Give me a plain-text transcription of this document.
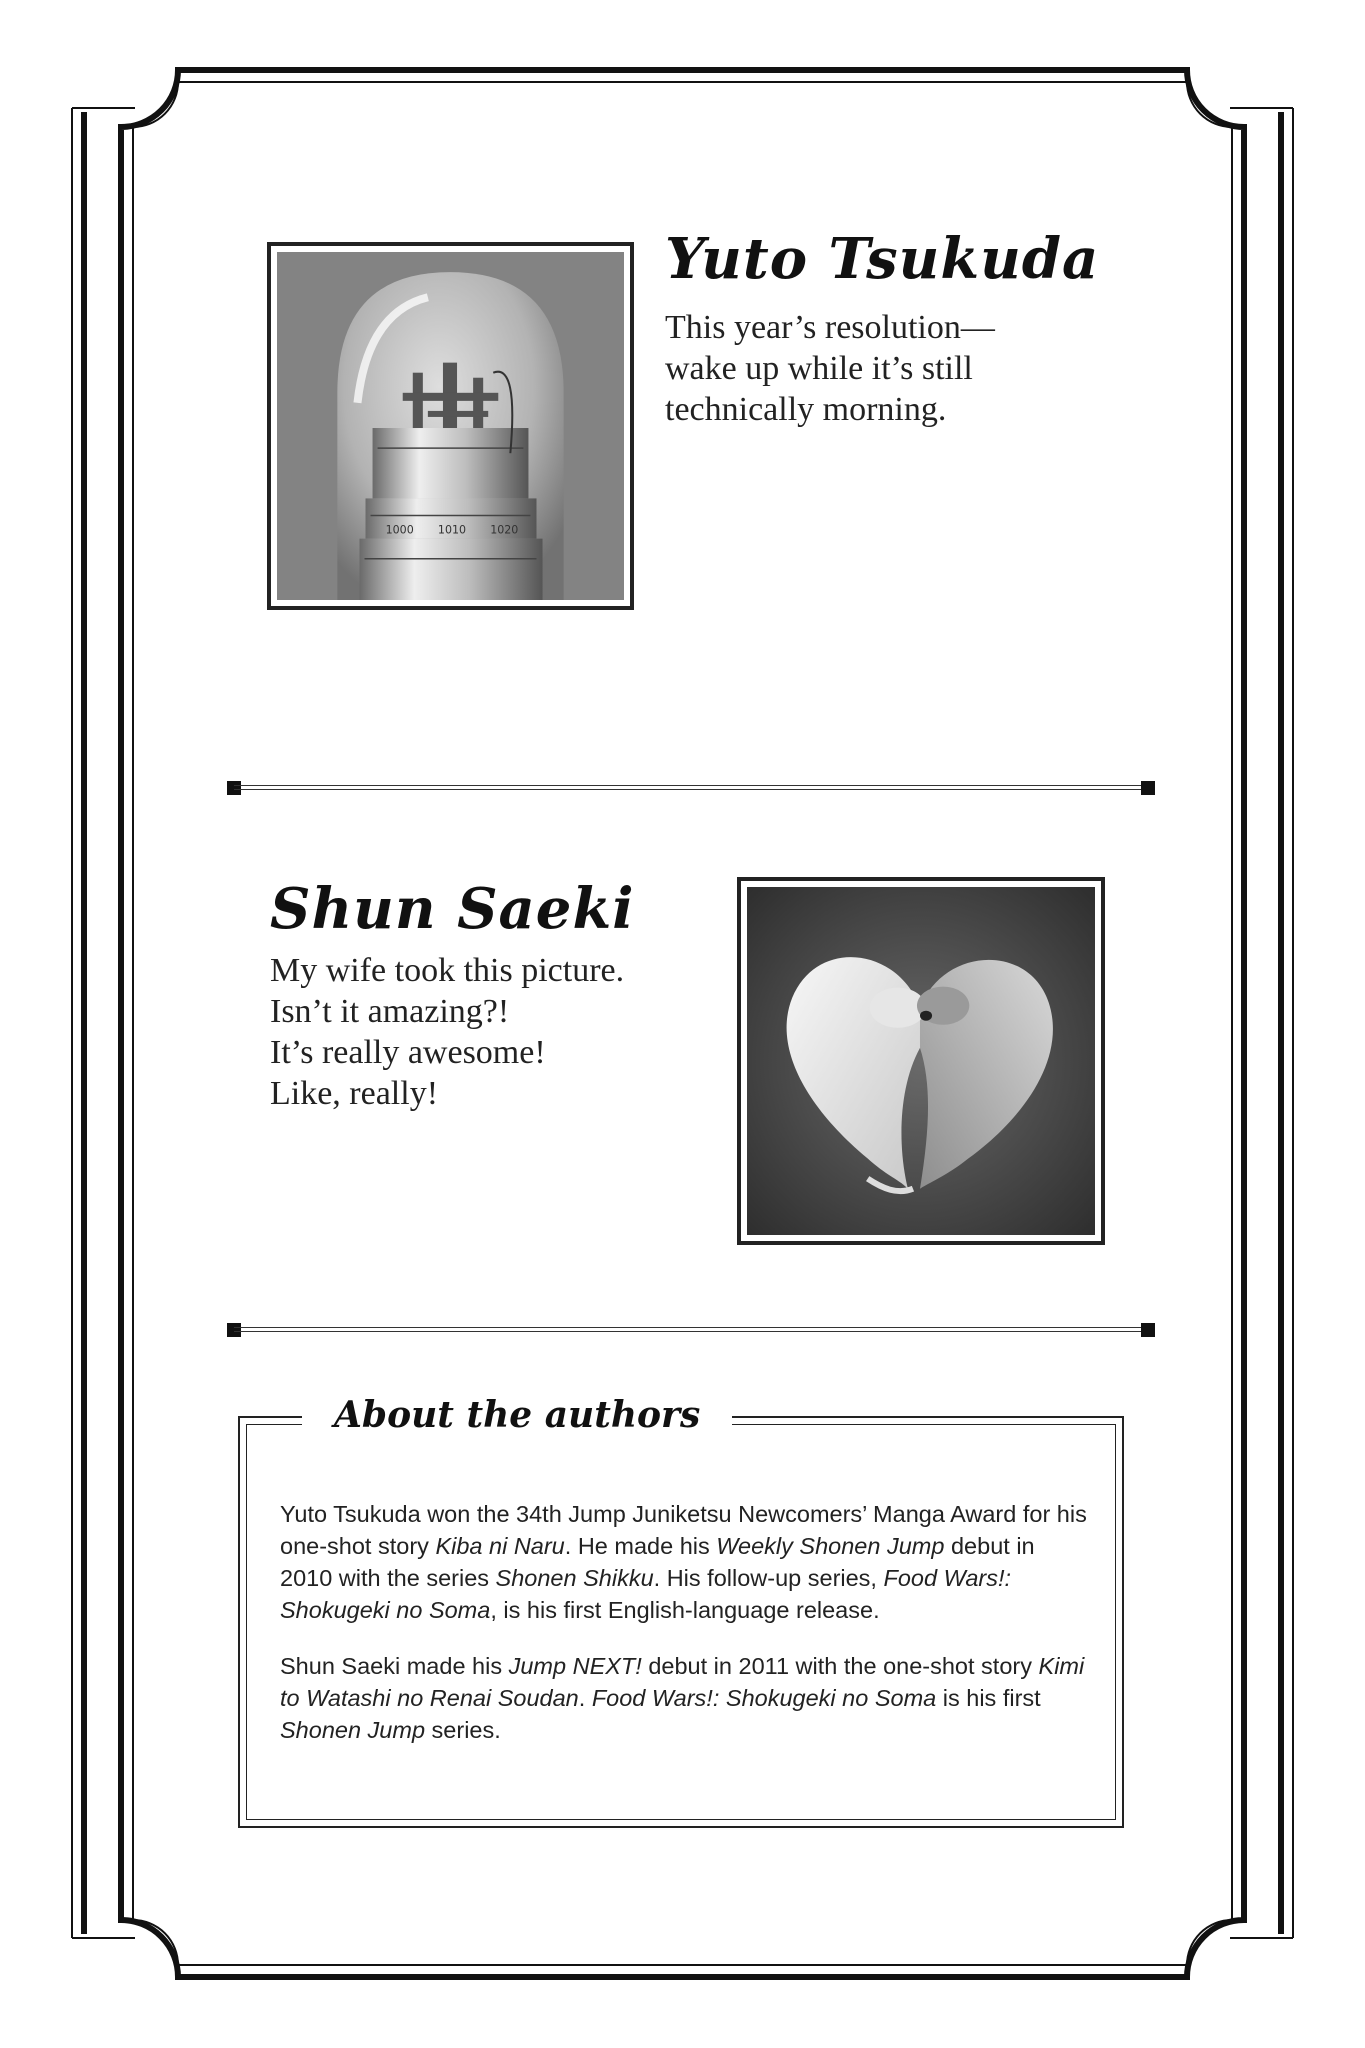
1000 1010 1020
Yuto Tsukuda
This year’s resolution—
wake up while it’s still
technically morning.
Shun Saeki
My wife took this picture.
Isn’t it amazing?!
It’s really awesome!
Like, really!
About the authors

Yuto Tsukuda won the 34th Jump Juniketsu Newcomers’ Manga Award for his one-shot story Kiba ni Naru. He made his Weekly Shonen Jump debut in 2010 with the series Shonen Shikku. His follow-up series, Food Wars!: Shokugeki no Soma, is his first English-language release.

Shun Saeki made his Jump NEXT! debut in 2011 with the one-shot story Kimi to Watashi no Renai Soudan. Food Wars!: Shokugeki no Soma is his first Shonen Jump series.
